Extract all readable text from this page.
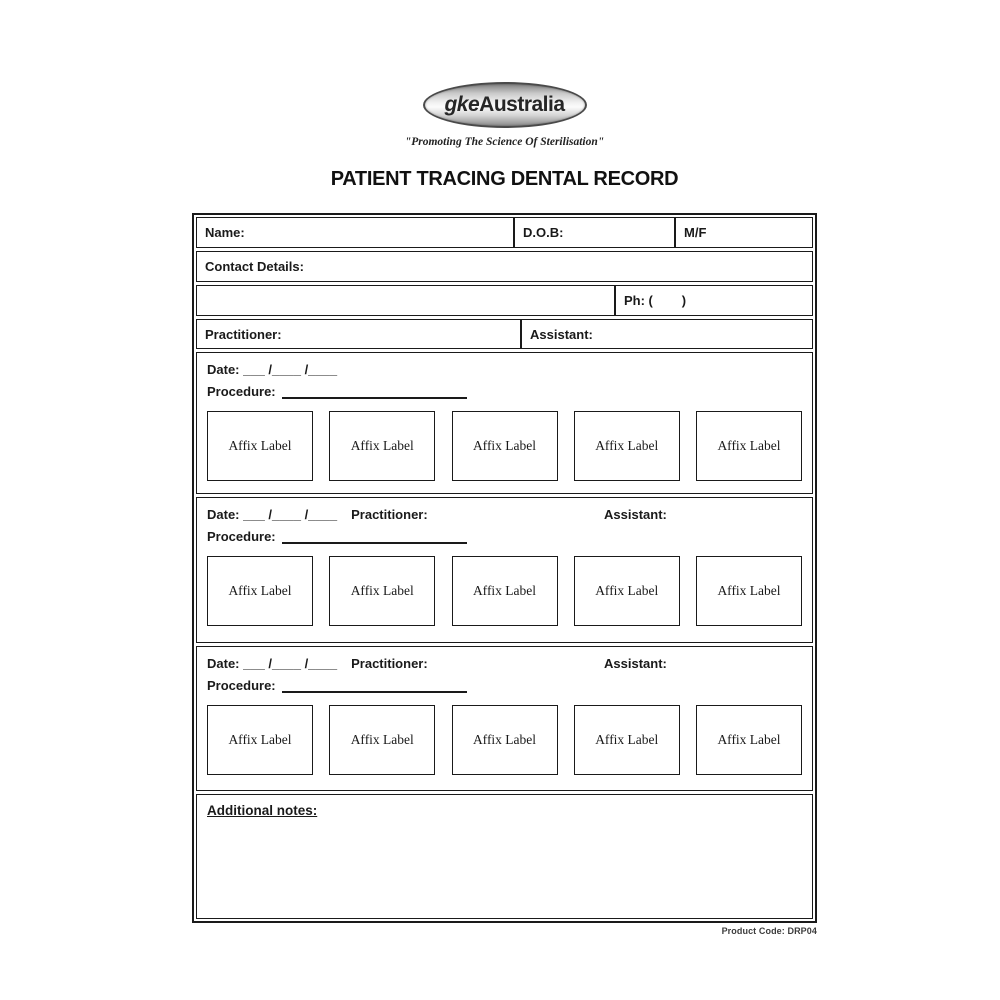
gke Australia
"Promoting The Science Of Sterilisation"
PATIENT TRACING DENTAL RECORD
Name:	D.O.B:	M/F
Contact Details:
Ph: (        )
Practitioner:	Assistant:
Date: ___ /____ /____
Procedure:
Affix Label	Affix Label	Affix Label	Affix Label	Affix Label
Date: ___ /____ /____ Practitioner:	Assistant:
Procedure:
Affix Label	Affix Label	Affix Label	Affix Label	Affix Label
Date: ___ /____ /____ Practitioner:	Assistant:
Procedure:
Affix Label	Affix Label	Affix Label	Affix Label	Affix Label
Additional notes:
Product Code: DRP04
